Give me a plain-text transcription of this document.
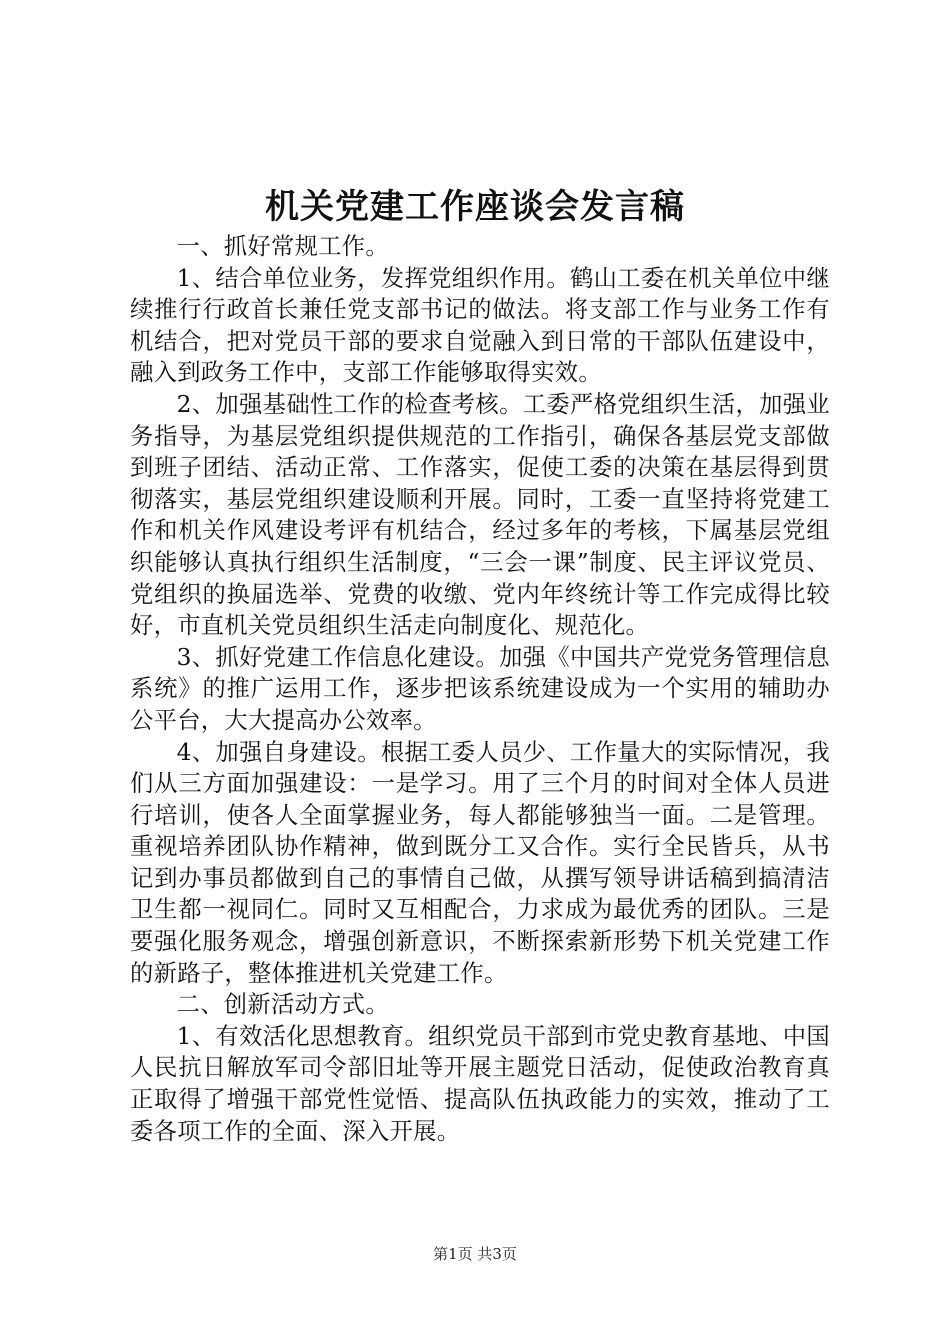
机关党建工作座谈会发言稿

一、抓好常规工作。

1、结合单位业务，发挥党组织作用。鹤山工委在机关单位中继续推行行政首长兼任党支部书记的做法。将支部工作与业务工作有机结合，把对党员干部的要求自觉融入到日常的干部队伍建设中，融入到政务工作中，支部工作能够取得实效。

2、加强基础性工作的检查考核。工委严格党组织生活，加强业务指导，为基层党组织提供规范的工作指引，确保各基层党支部做到班子团结、活动正常、工作落实，促使工委的决策在基层得到贯彻落实，基层党组织建设顺利开展。同时，工委一直坚持将党建工作和机关作风建设考评有机结合，经过多年的考核，下属基层党组织能够认真执行组织生活制度，“三会一课”制度、民主评议党员、党组织的换届选举、党费的收缴、党内年终统计等工作完成得比较好，市直机关党员组织生活走向制度化、规范化。

3、抓好党建工作信息化建设。加强《中国共产党党务管理信息系统》的推广运用工作，逐步把该系统建设成为一个实用的辅助办公平台，大大提高办公效率。

4、加强自身建设。根据工委人员少、工作量大的实际情况，我们从三方面加强建设：一是学习。用了三个月的时间对全体人员进行培训，使各人全面掌握业务，每人都能够独当一面。二是管理。重视培养团队协作精神，做到既分工又合作。实行全民皆兵，从书记到办事员都做到自己的事情自己做，从撰写领导讲话稿到搞清洁卫生都一视同仁。同时又互相配合，力求成为最优秀的团队。三是要强化服务观念，增强创新意识，不断探索新形势下机关党建工作的新路子，整体推进机关党建工作。

二、创新活动方式。

1、有效活化思想教育。组织党员干部到市党史教育基地、中国人民抗日解放军司令部旧址等开展主题党日活动，促使政治教育真正取得了增强干部党性觉悟、提高队伍执政能力的实效，推动了工委各项工作的全面、深入开展。

第1页 共3页
